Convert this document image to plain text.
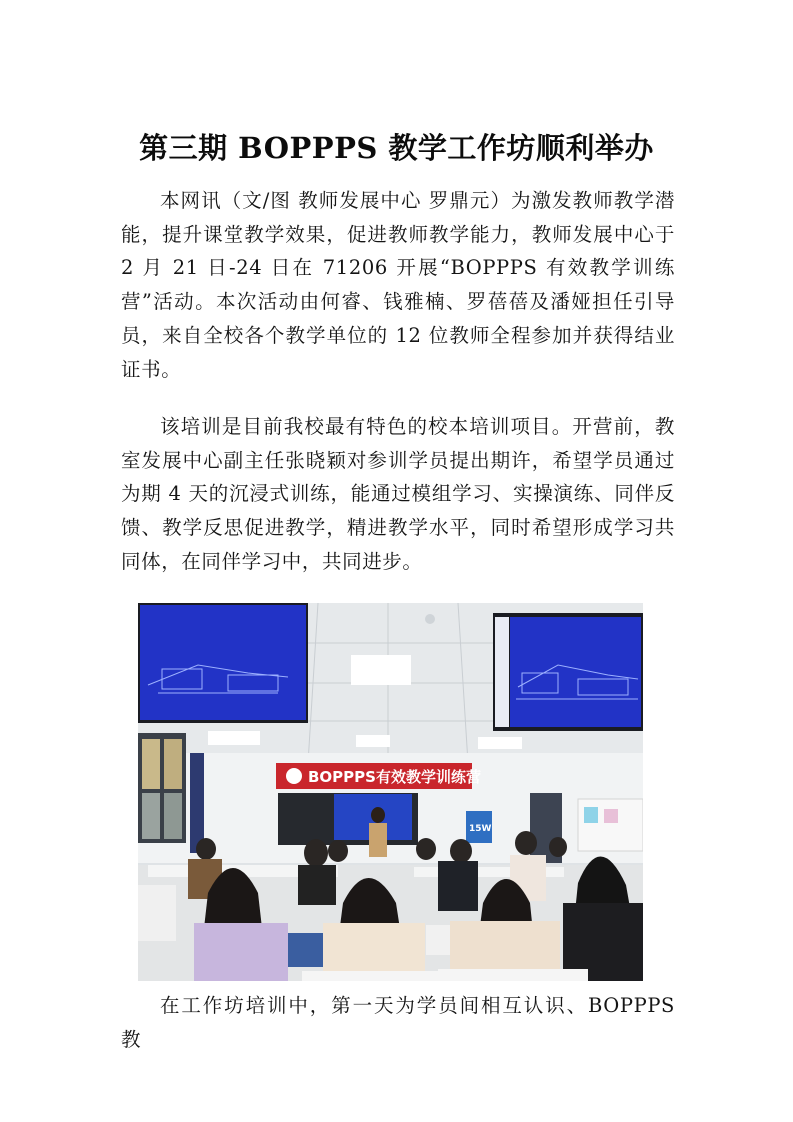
第三期 BOPPPS 教学工作坊顺利举办
本网讯（文/图 教师发展中心 罗鼎元）为激发教师教学潜能，提升课堂教学效果，促进教师教学能力，教师发展中心于 2 月 21 日-24 日在 71206 开展“BOPPPS 有效教学训练营”活动。本次活动由何睿、钱雅楠、罗蓓蓓及潘娅担任引导员，来自全校各个教学单位的 12 位教师全程参加并获得结业证书。
该培训是目前我校最有特色的校本培训项目。开营前，教室发展中心副主任张晓颖对参训学员提出期许，希望学员通过为期 4 天的沉浸式训练，能通过模组学习、实操演练、同伴反馈、教学反思促进教学，精进教学水平，同时希望形成学习共同体，在同伴学习中，共同进步。
BOPPPS有效教学训练营
15W
在工作坊培训中，第一天为学员间相互认识、BOPPPS 教
